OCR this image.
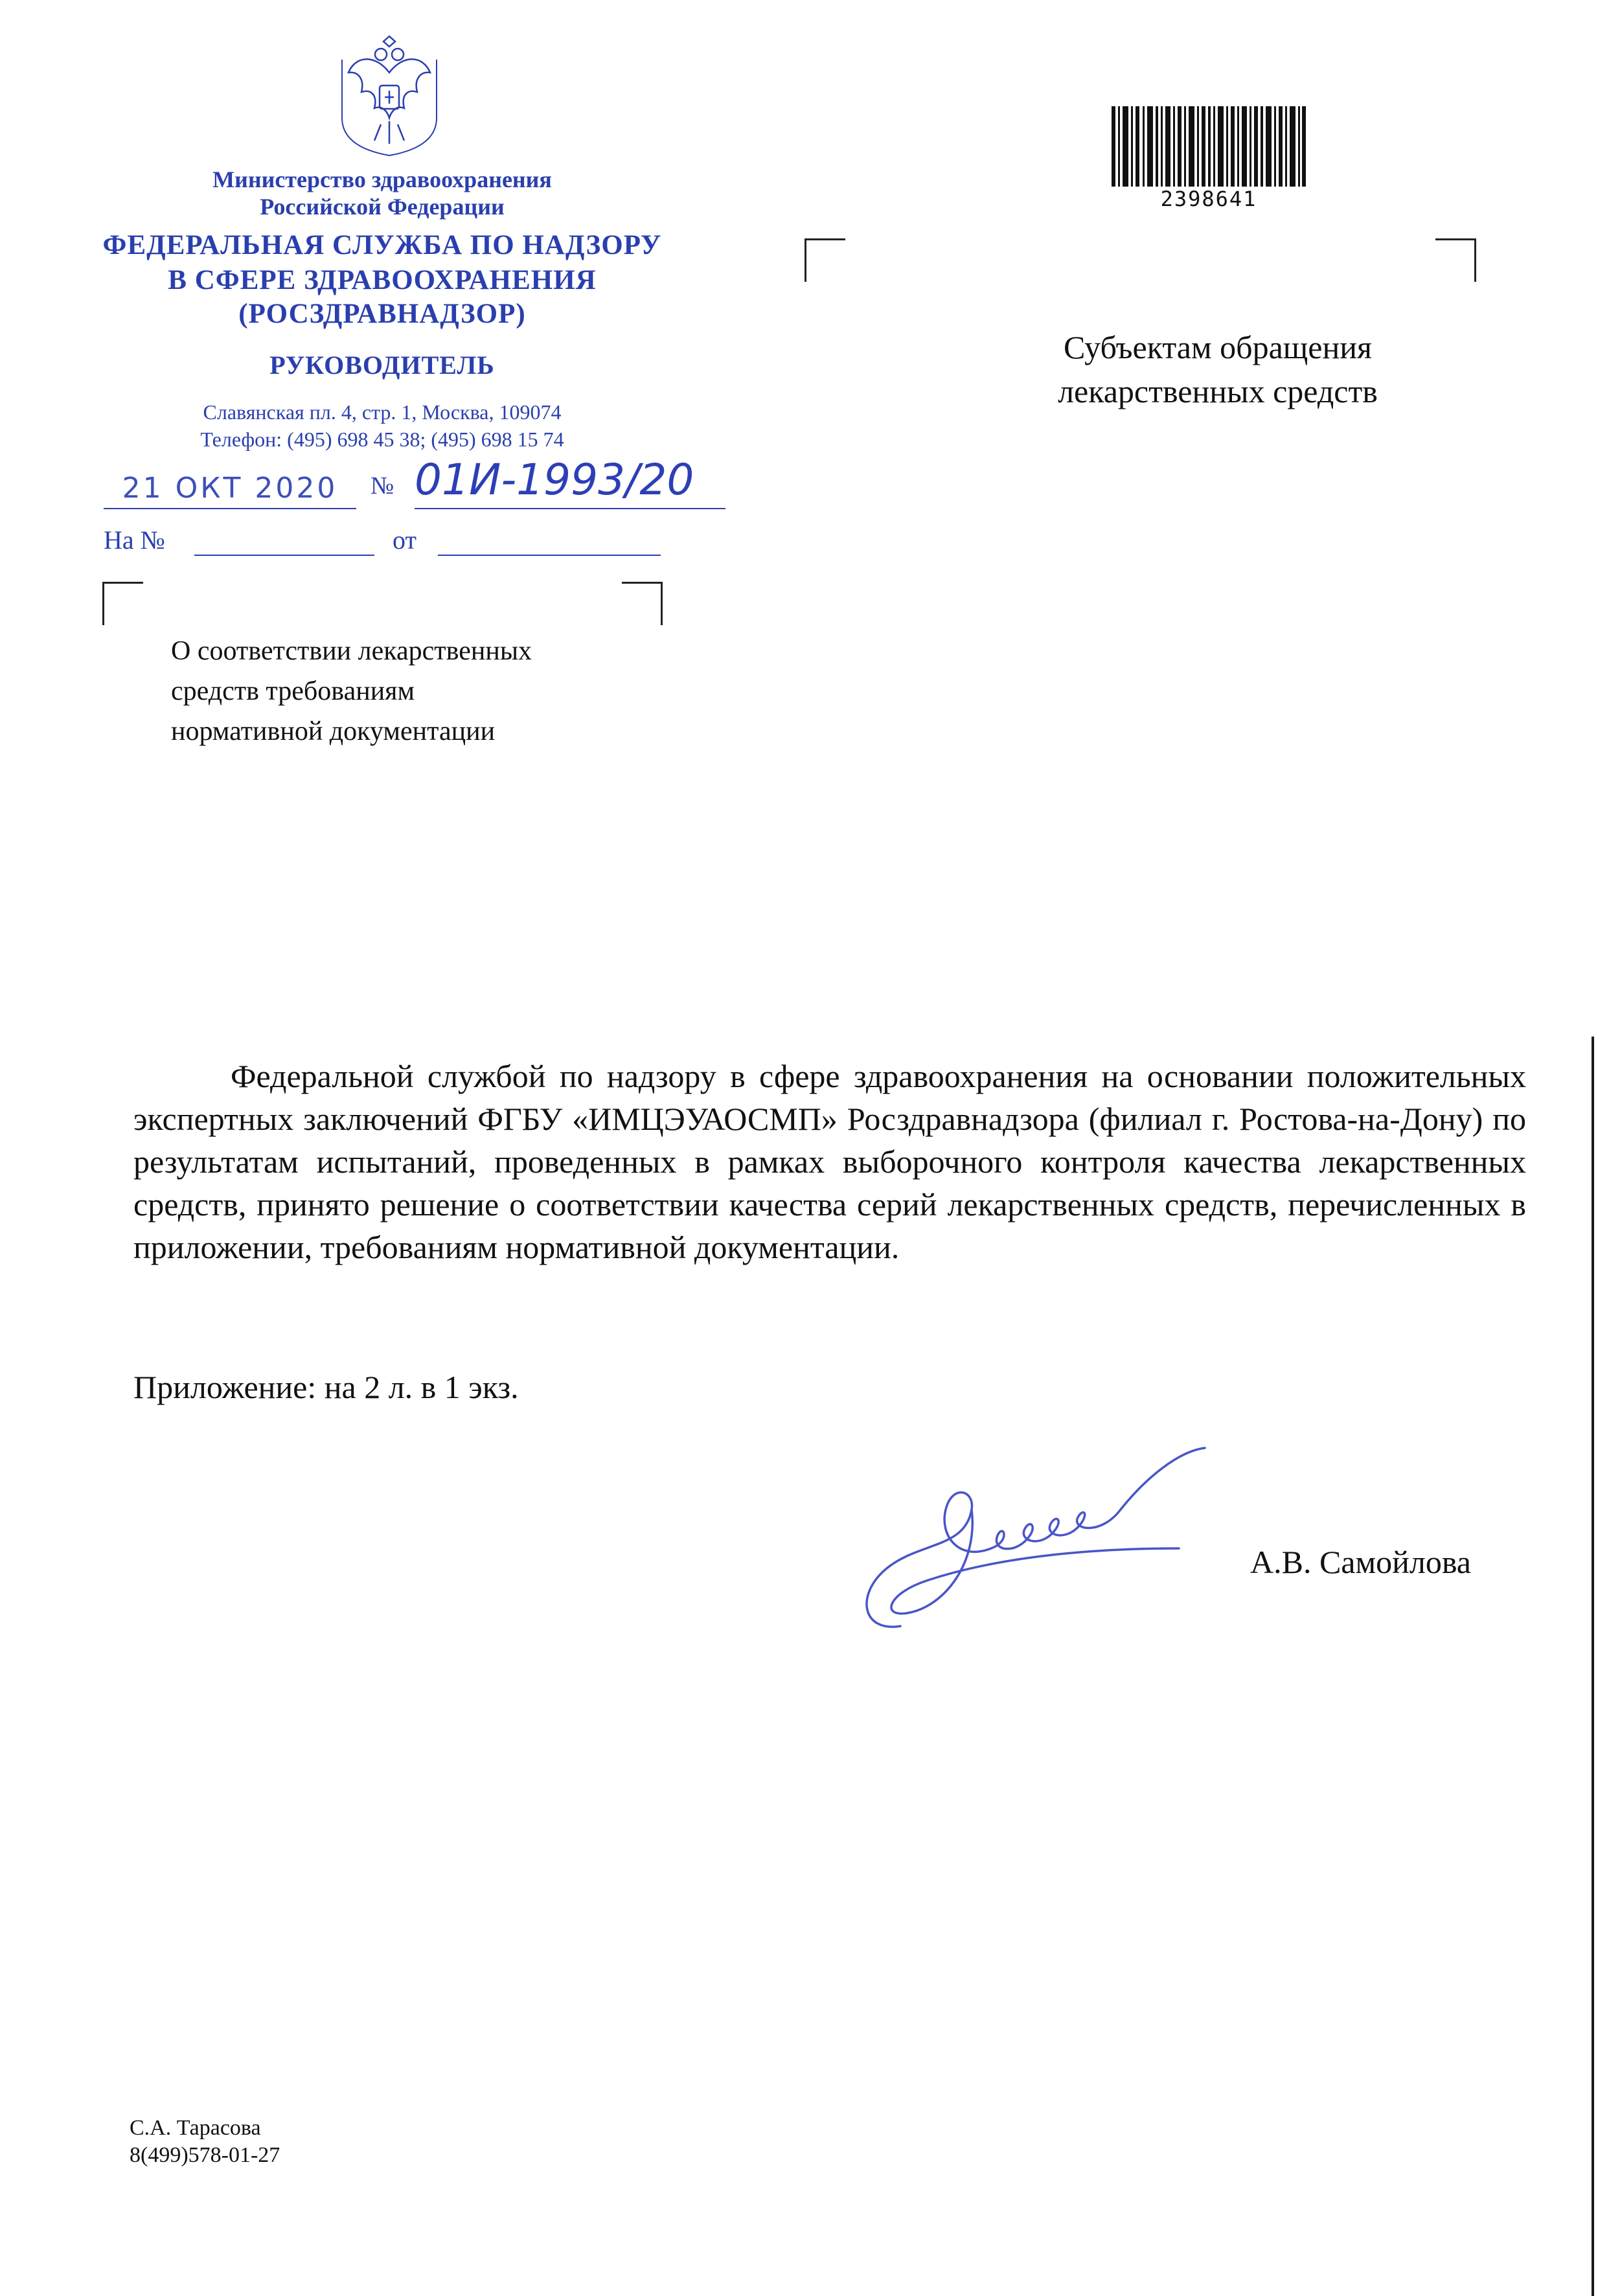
Министерство здравоохранения
Российской Федерации
ФЕДЕРАЛЬНАЯ СЛУЖБА ПО НАДЗОРУ
В СФЕРЕ ЗДРАВООХРАНЕНИЯ
(РОСЗДРАВНАДЗОР)
РУКОВОДИТЕЛЬ
Славянская пл. 4, стр. 1, Москва, 109074
Телефон: (495) 698 45 38; (495) 698 15 74
21 ОКТ 2020	№ 01И-1993/20
На №	от
О соответствии лекарственных
средств требованиям
нормативной документации
2398641
Субъектам обращения
лекарственных средств
Федеральной службой по надзору в сфере здравоохранения на основании положительных экспертных заключений ФГБУ «ИМЦЭУАОСМП» Росздравнадзора (филиал г. Ростова-на-Дону) по результатам испытаний, проведенных в рамках выборочного контроля качества лекарственных средств, принято решение о соответствии качества серий лекарственных средств, перечисленных в приложении, требованиям нормативной документации.
Приложение: на 2 л. в 1 экз.
А.В. Самойлова
С.А. Тарасова
8(499)578-01-27
